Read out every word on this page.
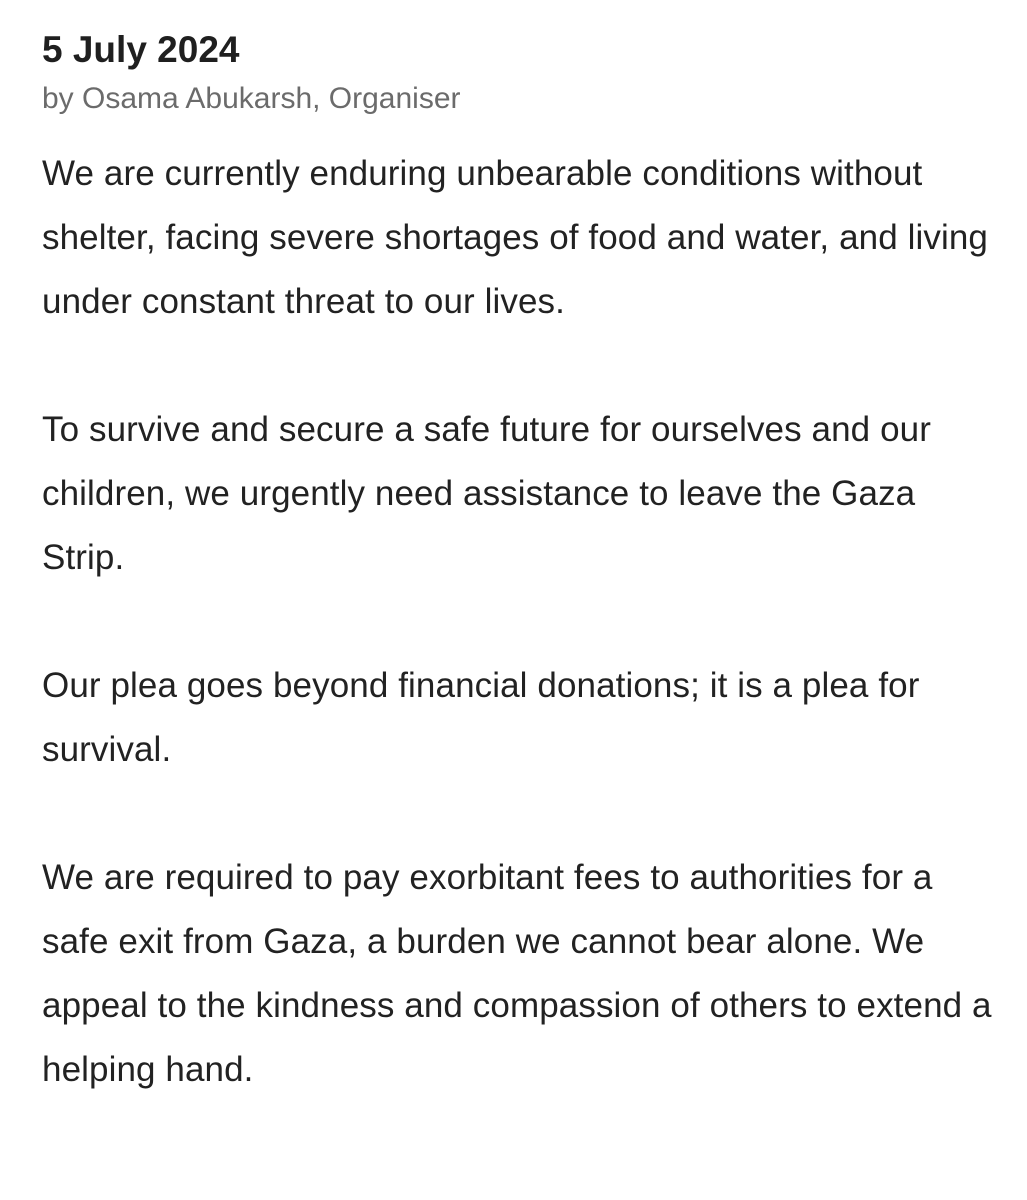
5 July 2024
by Osama Abukarsh, Organiser

We are currently enduring unbearable conditions without shelter, facing severe shortages of food and water, and living under constant threat to our lives.

To survive and secure a safe future for ourselves and our children, we urgently need assistance to leave the Gaza Strip.

Our plea goes beyond financial donations; it is a plea for survival.

We are required to pay exorbitant fees to authorities for a safe exit from Gaza, a burden we cannot bear alone. We appeal to the kindness and compassion of others to extend a helping hand.
